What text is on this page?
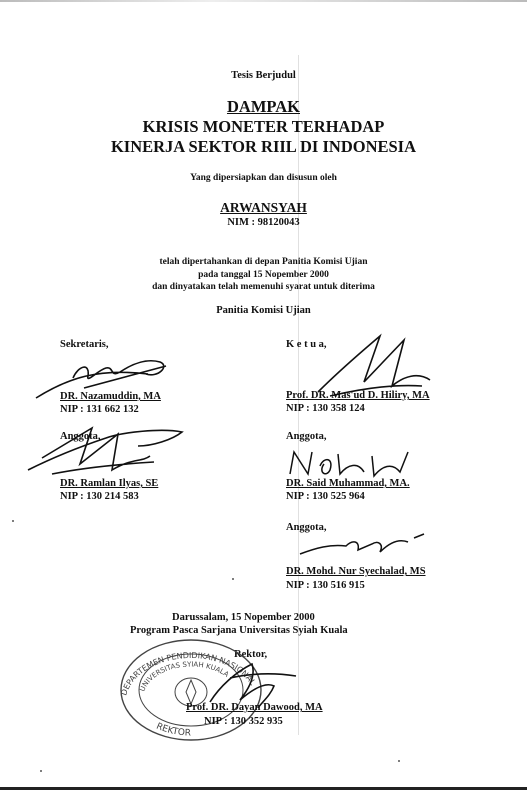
Tesis Berjudul
DAMPAK
KRISIS MONETER TERHADAP
KINERJA SEKTOR RIIL DI INDONESIA
Yang dipersiapkan dan disusun oleh
ARWANSYAH
NIM : 98120043
telah dipertahankan di depan Panitia Komisi Ujian
pada tanggal 15 Nopember 2000
dan dinyatakan telah memenuhi syarat untuk diterima
Panitia Komisi Ujian
Sekretaris,
DR. Nazamuddin, MA
NIP : 131 662 132
Anggota,
DR. Ramlan Ilyas, SE
NIP : 130 214 583
K e t u a,
Prof. DR. Mas'ud D. Hiliry, MA
NIP : 130 358 124
Anggota,
DR. Said Muhammad, MA.
NIP : 130 525 964
Anggota,
DR. Mohd. Nur Syechalad, MS
NIP : 130 516 915
Darussalam, 15 Nopember 2000
Program Pasca Sarjana Universitas Syiah Kuala
Rektor,
DEPARTEMEN PENDIDIKAN NASIONAL
UNIVERSITAS SYIAH KUALA
REKTOR
Prof. DR. Dayan Dawood, MA
NIP : 130 352 935
